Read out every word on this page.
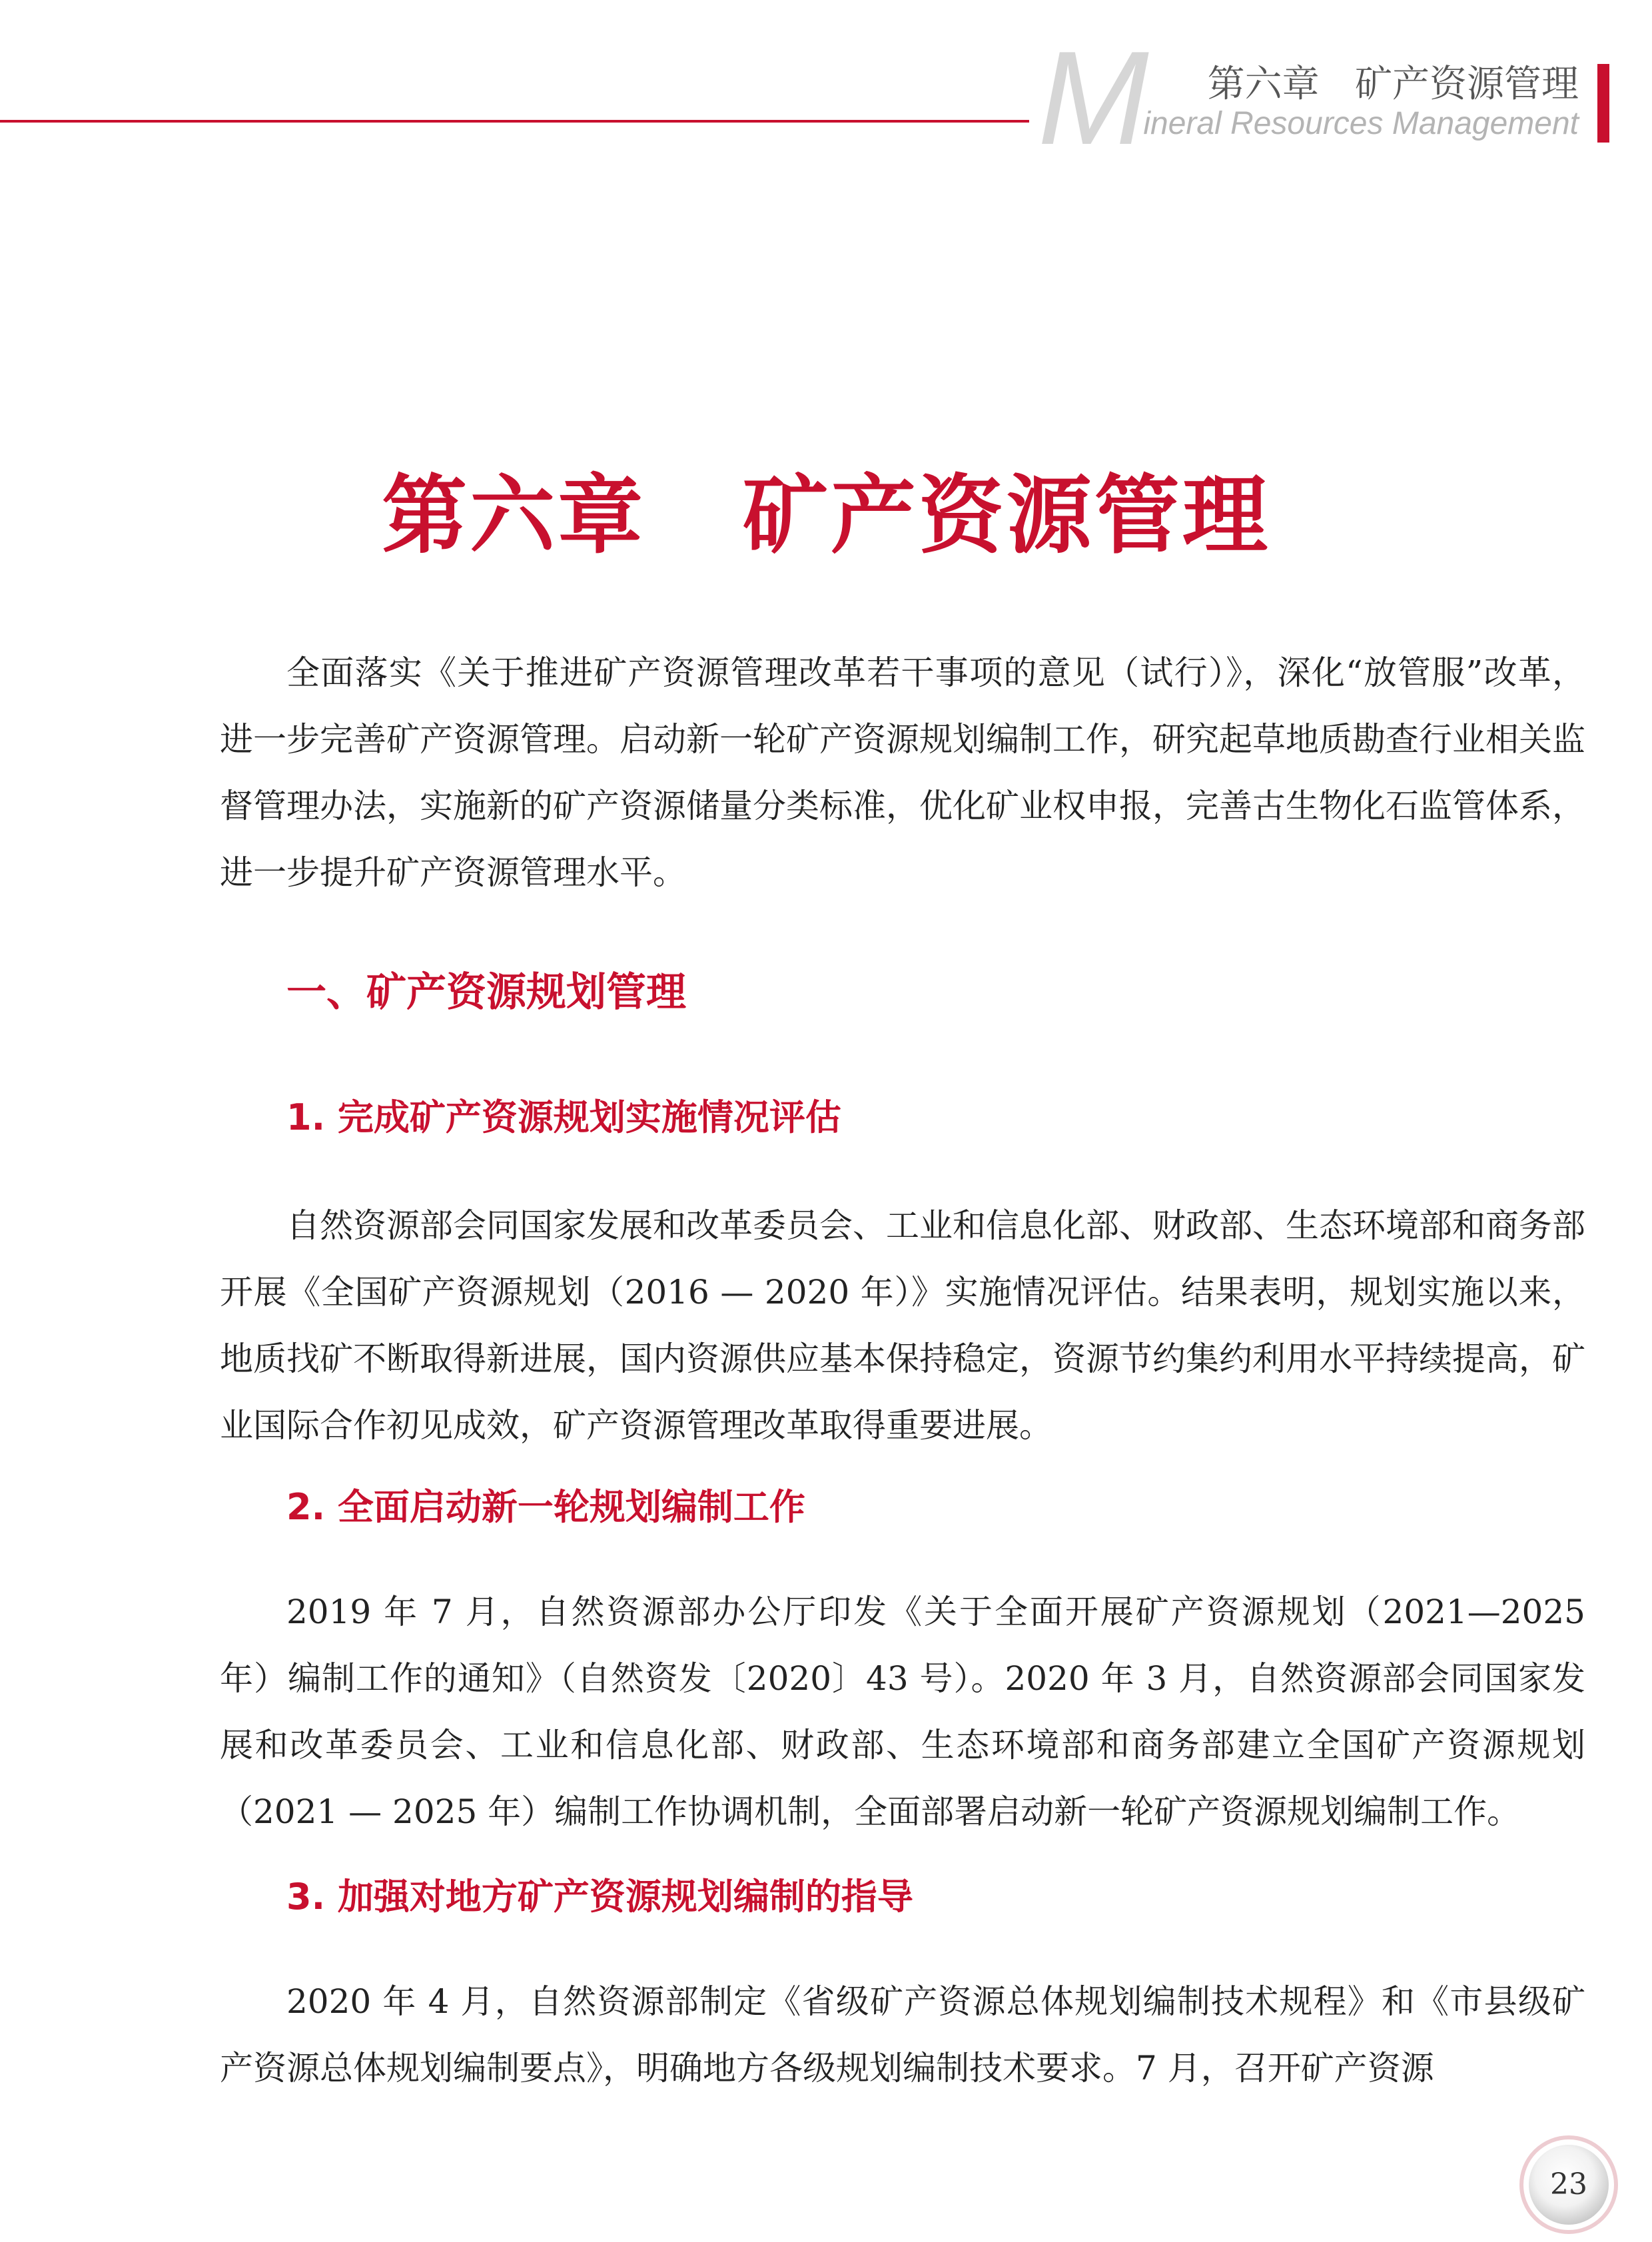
M 第六章   矿产资源管理
ineral Resources Management
第六章   矿产资源管理

全面落实《关于推进矿产资源管理改革若干事项的意见（试行）》，深化“放管服”改革，进一步完善矿产资源管理。启动新一轮矿产资源规划编制工作，研究起草地质勘查行业相关监督管理办法，实施新的矿产资源储量分类标准，优化矿业权申报，完善古生物化石监管体系，进一步提升矿产资源管理水平。

一、矿产资源规划管理
1. 完成矿产资源规划实施情况评估

自然资源部会同国家发展和改革委员会、工业和信息化部、财政部、生态环境部和商务部开展《全国矿产资源规划（2016 — 2020 年）》实施情况评估。结果表明，规划实施以来，地质找矿不断取得新进展，国内资源供应基本保持稳定，资源节约集约利用水平持续提高，矿业国际合作初见成效，矿产资源管理改革取得重要进展。

2. 全面启动新一轮规划编制工作

2019 年 7 月，自然资源部办公厅印发《关于全面开展矿产资源规划（2021—2025 年）编制工作的通知》（自然资发〔2020〕43 号）。2020 年 3 月，自然资源部会同国家发展和改革委员会、工业和信息化部、财政部、生态环境部和商务部建立全国矿产资源规划（2021 — 2025 年）编制工作协调机制，全面部署启动新一轮矿产资源规划编制工作。

3. 加强对地方矿产资源规划编制的指导

2020 年 4 月，自然资源部制定《省级矿产资源总体规划编制技术规程》和《市县级矿产资源总体规划编制要点》，明确地方各级规划编制技术要求。7 月，召开矿产资源

23
